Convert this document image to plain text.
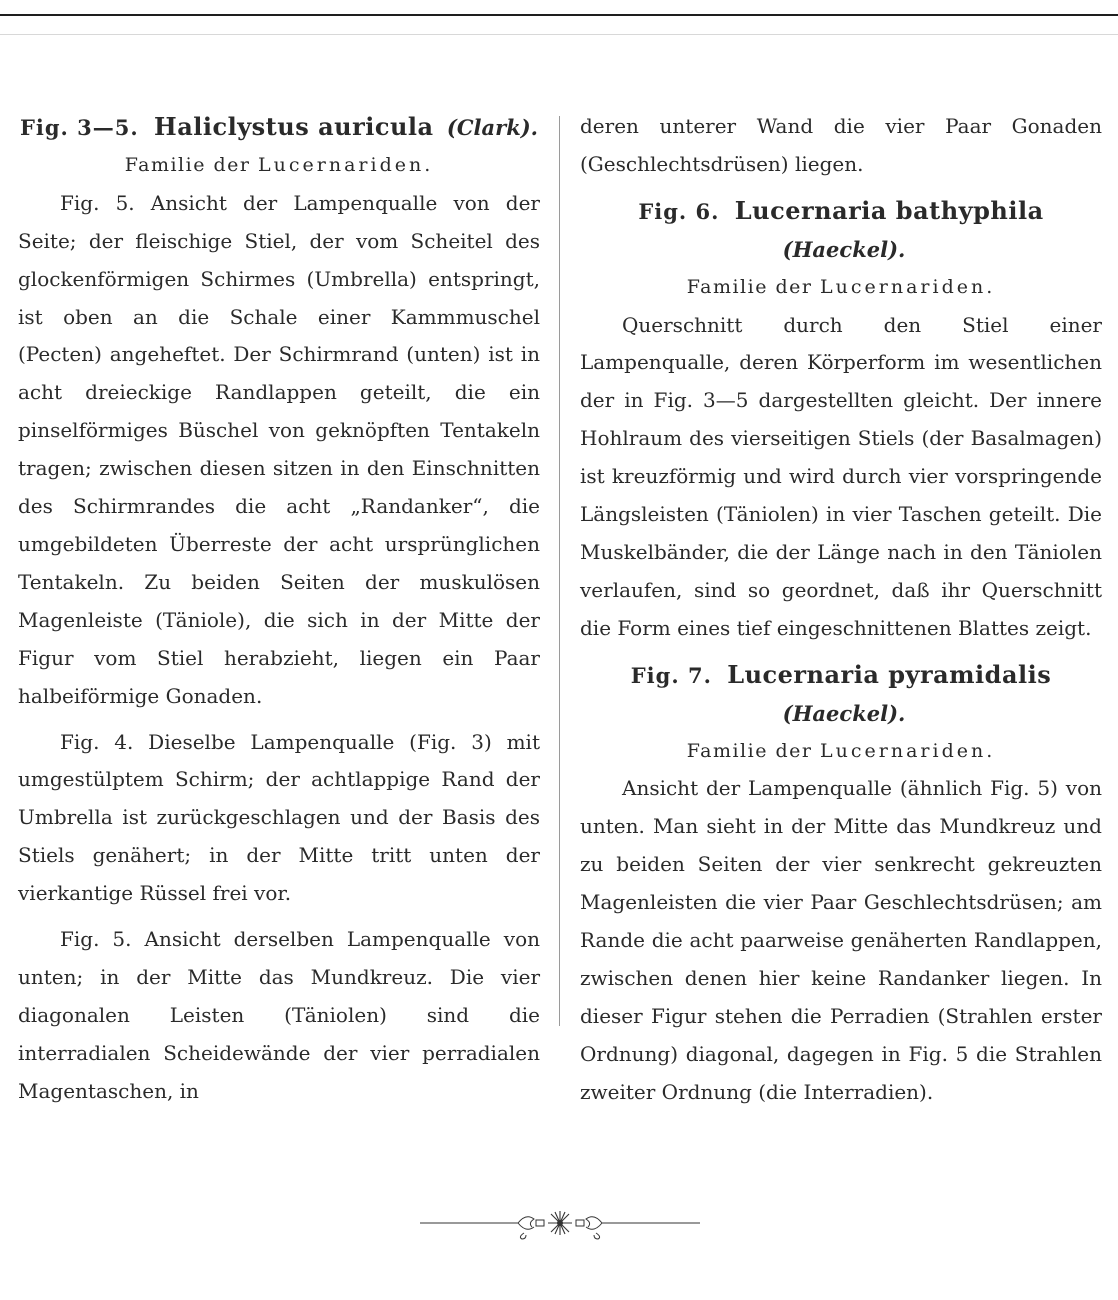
Fig. 3—5. Haliclystus auricula (Clark).

Familie der Lucernariden.

Fig. 5. Ansicht der Lampenqualle von der Seite; der fleischige Stiel, der vom Scheitel des glockenförmigen Schirmes (Umbrella) entspringt, ist oben an die Schale einer Kammmuschel (Pecten) angeheftet. Der Schirmrand (unten) ist in acht dreieckige Randlappen geteilt, die ein pinselförmiges Büschel von geknöpften Tentakeln tragen; zwischen diesen sitzen in den Einschnitten des Schirmrandes die acht „Randanker“, die umgebildeten Überreste der acht ursprünglichen Tentakeln. Zu beiden Seiten der muskulösen Magenleiste (Täniole), die sich in der Mitte der Figur vom Stiel herabzieht, liegen ein Paar halbeiförmige Gonaden.

Fig. 4. Dieselbe Lampenqualle (Fig. 3) mit umgestülptem Schirm; der achtlappige Rand der Umbrella ist zurückgeschlagen und der Basis des Stiels genähert; in der Mitte tritt unten der vierkantige Rüssel frei vor.

Fig. 5. Ansicht derselben Lampenqualle von unten; in der Mitte das Mundkreuz. Die vier diagonalen Leisten (Täniolen) sind die interradialen Scheidewände der vier perradialen Magentaschen, in

deren unterer Wand die vier Paar Gonaden (Geschlechtsdrüsen) liegen.

Fig. 6. Lucernaria bathyphila (Haeckel).

Familie der Lucernariden.

Querschnitt durch den Stiel einer Lampenqualle, deren Körperform im wesentlichen der in Fig. 3—5 dargestellten gleicht. Der innere Hohlraum des vierseitigen Stiels (der Basalmagen) ist kreuzförmig und wird durch vier vorspringende Längsleisten (Täniolen) in vier Taschen geteilt. Die Muskelbänder, die der Länge nach in den Täniolen verlaufen, sind so geordnet, daß ihr Querschnitt die Form eines tief eingeschnittenen Blattes zeigt.

Fig. 7. Lucernaria pyramidalis (Haeckel).

Familie der Lucernariden.

Ansicht der Lampenqualle (ähnlich Fig. 5) von unten. Man sieht in der Mitte das Mundkreuz und zu beiden Seiten der vier senkrecht gekreuzten Magenleisten die vier Paar Geschlechtsdrüsen; am Rande die acht paarweise genäherten Randlappen, zwischen denen hier keine Randanker liegen. In dieser Figur stehen die Perradien (Strahlen erster Ordnung) diagonal, dagegen in Fig. 5 die Strahlen zweiter Ordnung (die Interradien).
